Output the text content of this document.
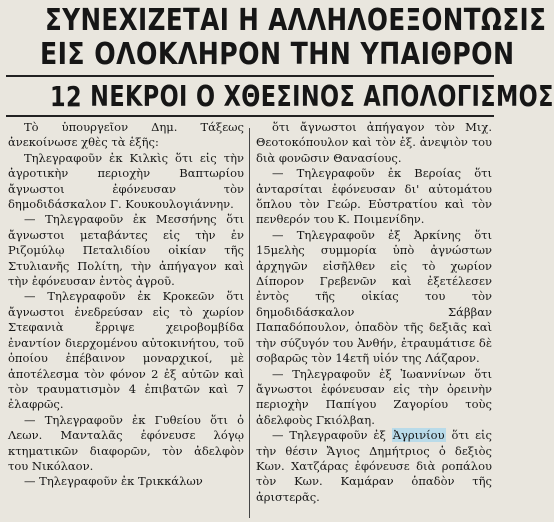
ΣΥΝΕΧΙΖΕΤΑΙ Η ΑΛΛΗΛΟΕΞΟΝΤΩΣΙΣ
ΕΙΣ ΟΛΟΚΛΗΡΟΝ ΤΗΝ ΥΠΑΙΘΡΟΝ
12 ΝΕΚΡΟΙ Ο ΧΘΕΣΙΝΟΣ ΑΠΟΛΟΓΙΣΜΟΣ

Τὸ ὑπουργεῖον Δημ. Τάξεως ἀνεκοίνωσε χθὲς τὰ ἑξῆς:

Τηλεγραφοῦν ἐκ Κιλκὶς ὅτι εἰς τὴν ἀγροτικὴν περιοχὴν Βαπτωρίου ἄγνωστοι ἐφόνευσαν τὸν δημοδιδάσκαλον Γ. Κουκουλογιάννην.

— Τηλεγραφοῦν ἐκ Μεσσήνης ὅτι ἄγνωστοι μεταβάντες εἰς τὴν ἐν Ριζομύλῳ Πεταλιδίου οἰκίαν τῆς Στυλιανῆς Πολίτη, τὴν ἀπήγαγον καὶ τὴν ἐφόνευσαν ἐντὸς ἀγροῦ.

— Τηλεγραφοῦν ἐκ Κροκεῶν ὅτι ἄγνωστοι ἐνεδρεύσαν εἰς τὸ χωρίον Στεφανιὰ ἔρριψε χειροβομβίδα ἐναντίον διερχομένου αὐτοκινήτου, τοῦ ὁποίου ἐπέβαινον μοναρχικοί, μὲ ἀποτέλεσμα τὸν φόνον 2 ἐξ αὐτῶν καὶ τὸν τραυματισμὸν 4 ἐπιβατῶν καὶ 7 ἐλαφρῶς.

— Τηλεγραφοῦν ἐκ Γυθείου ὅτι ὁ Λεων. Μανταλᾶς ἐφόνευσε λόγῳ κτηματικῶν διαφορῶν, τὸν ἀδελφὸν του Νικόλαον.

— Τηλεγραφοῦν ἐκ Τρικκάλων

ὅτι ἄγνωστοι ἀπήγαγον τὸν Μιχ. Θεοτοκόπουλον καὶ τὸν ἐξ. ἀνεψιὸν του διὰ φονῶσιν Θανασίους.

— Τηλεγραφοῦν ἐκ Βεροίας ὅτι ἀνταρσίται ἐφόνευσαν δι' αὐτομάτου ὅπλου τὸν Γεώρ. Εὐστρατίου καὶ τὸν πενθερόν του Κ. Ποιμενίδην.

— Τηλεγραφοῦν ἐξ Ἀρκίνης ὅτι 15μελὴς συμμορία ὑπὸ ἀγνώστων ἀρχηγῶν εἰσῆλθεν εἰς τὸ χωρίον Δίπορον Γρεβενῶν καὶ ἐξετέλεσεν ἐντὸς τῆς οἰκίας του τὸν δημοδιδάσκαλον Σάββαν Παπαδόπουλον, ὁπαδὸν τῆς δεξιᾶς καὶ τὴν σύζυγόν του Ἀνθήν, ἐτραυμάτισε δὲ σοβαρῶς τὸν 14ετῆ υἱόν της Λάζαρον.

— Τηλεγραφοῦν ἐξ Ἰωαννίνων ὅτι ἄγνωστοι ἐφόνευσαν εἰς τὴν ὀρεινὴν περιοχὴν Παπίγου Ζαγορίου τοὺς ἀδελφοὺς Γκιόλβαη.

— Τηλεγραφοῦν ἐξ Ἀγρινίου ὅτι εἰς τὴν θέσιν Ἄγιος Δημήτριος ὁ δεξιὸς Κων. Χατζάρας ἐφόνευσε διὰ ροπάλου τὸν Κων. Καμάραν ὁπαδὸν τῆς ἀριστερᾶς.
